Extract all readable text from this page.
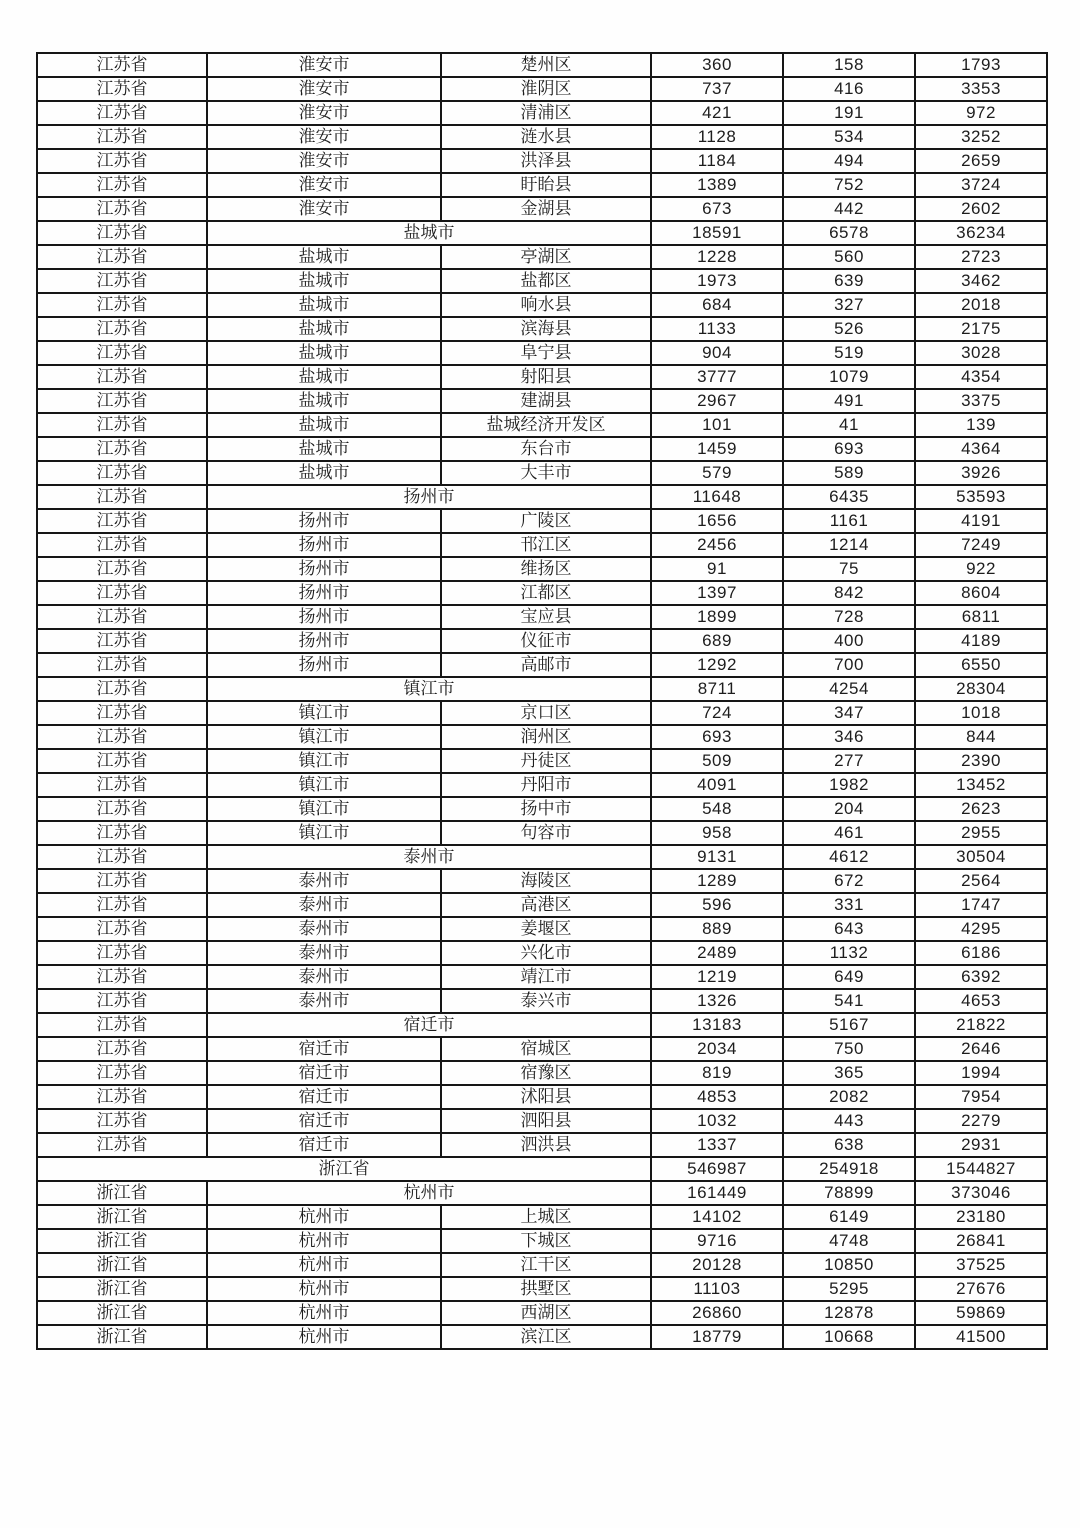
江苏省	淮安市	楚州区	360	158	1793
江苏省	淮安市	淮阴区	737	416	3353
江苏省	淮安市	清浦区	421	191	972
江苏省	淮安市	涟水县	1128	534	3252
江苏省	淮安市	洪泽县	1184	494	2659
江苏省	淮安市	盱眙县	1389	752	3724
江苏省	淮安市	金湖县	673	442	2602
江苏省	盐城市		18591	6578	36234
江苏省	盐城市	亭湖区	1228	560	2723
江苏省	盐城市	盐都区	1973	639	3462
江苏省	盐城市	响水县	684	327	2018
江苏省	盐城市	滨海县	1133	526	2175
江苏省	盐城市	阜宁县	904	519	3028
江苏省	盐城市	射阳县	3777	1079	4354
江苏省	盐城市	建湖县	2967	491	3375
江苏省	盐城市	盐城经济开发区	101	41	139
江苏省	盐城市	东台市	1459	693	4364
江苏省	盐城市	大丰市	579	589	3926
江苏省	扬州市		11648	6435	53593
江苏省	扬州市	广陵区	1656	1161	4191
江苏省	扬州市	邗江区	2456	1214	7249
江苏省	扬州市	维扬区	91	75	922
江苏省	扬州市	江都区	1397	842	8604
江苏省	扬州市	宝应县	1899	728	6811
江苏省	扬州市	仪征市	689	400	4189
江苏省	扬州市	高邮市	1292	700	6550
江苏省	镇江市		8711	4254	28304
江苏省	镇江市	京口区	724	347	1018
江苏省	镇江市	润州区	693	346	844
江苏省	镇江市	丹徒区	509	277	2390
江苏省	镇江市	丹阳市	4091	1982	13452
江苏省	镇江市	扬中市	548	204	2623
江苏省	镇江市	句容市	958	461	2955
江苏省	泰州市		9131	4612	30504
江苏省	泰州市	海陵区	1289	672	2564
江苏省	泰州市	高港区	596	331	1747
江苏省	泰州市	姜堰区	889	643	4295
江苏省	泰州市	兴化市	2489	1132	6186
江苏省	泰州市	靖江市	1219	649	6392
江苏省	泰州市	泰兴市	1326	541	4653
江苏省	宿迁市		13183	5167	21822
江苏省	宿迁市	宿城区	2034	750	2646
江苏省	宿迁市	宿豫区	819	365	1994
江苏省	宿迁市	沭阳县	4853	2082	7954
江苏省	宿迁市	泗阳县	1032	443	2279
江苏省	宿迁市	泗洪县	1337	638	2931
浙江省			546987	254918	1544827
浙江省	杭州市		161449	78899	373046
浙江省	杭州市	上城区	14102	6149	23180
浙江省	杭州市	下城区	9716	4748	26841
浙江省	杭州市	江干区	20128	10850	37525
浙江省	杭州市	拱墅区	11103	5295	27676
浙江省	杭州市	西湖区	26860	12878	59869
浙江省	杭州市	滨江区	18779	10668	41500
